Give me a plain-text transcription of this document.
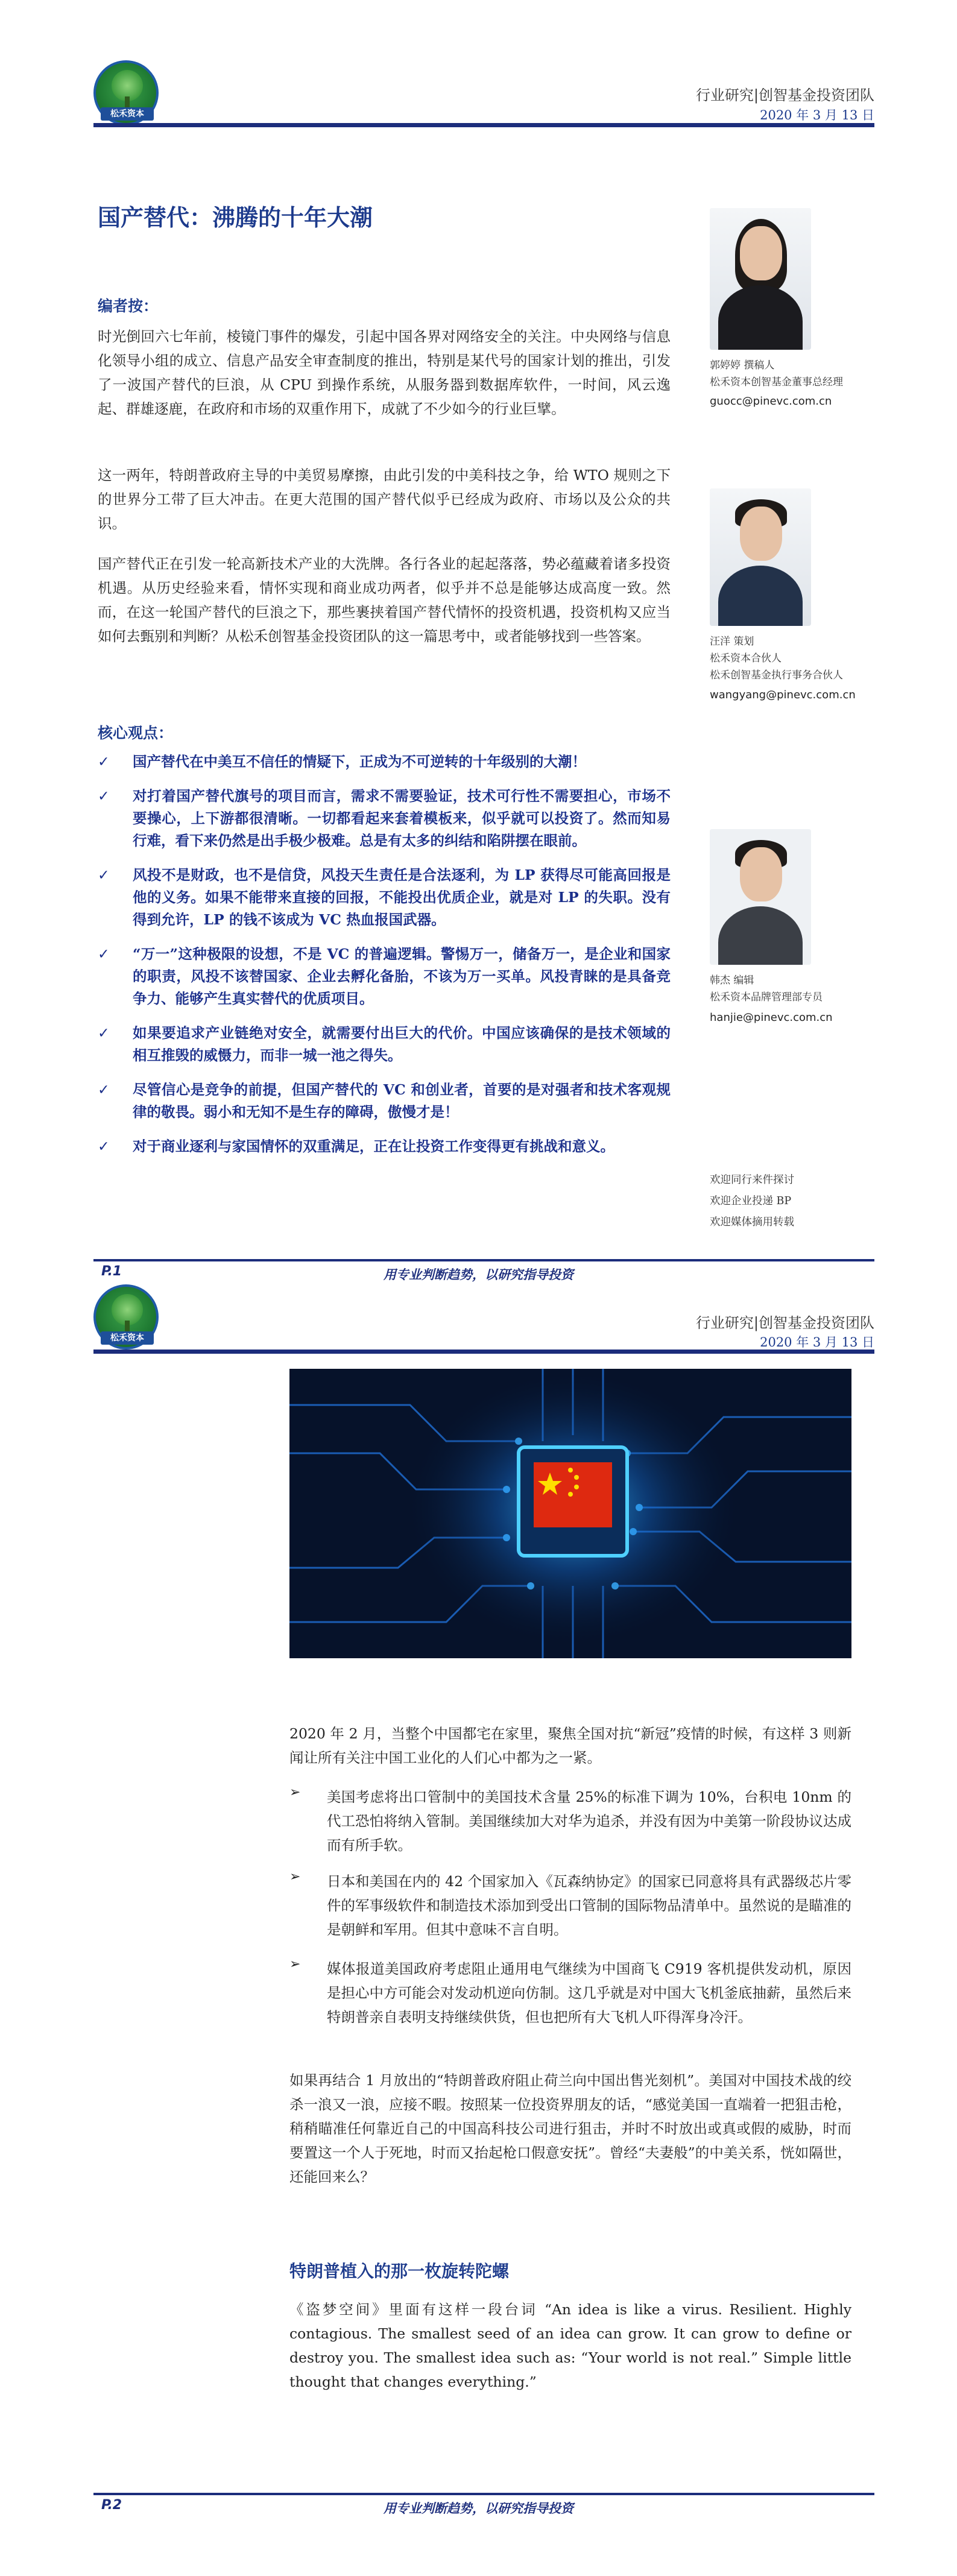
松禾资本
行业研究|创智基金投资团队
2020 年 3 月 13 日
国产替代：沸腾的十年大潮
编者按：

时光倒回六七年前，棱镜门事件的爆发，引起中国各界对网络安全的关注。中央网络与信息化领导小组的成立、信息产品安全审查制度的推出，特别是某代号的国家计划的推出，引发了一波国产替代的巨浪，从 CPU 到操作系统，从服务器到数据库软件，一时间，风云逸起、群雄逐鹿，在政府和市场的双重作用下，成就了不少如今的行业巨擘。

这一两年，特朗普政府主导的中美贸易摩擦，由此引发的中美科技之争，给 WTO 规则之下的世界分工带了巨大冲击。在更大范围的国产替代似乎已经成为政府、市场以及公众的共识。

国产替代正在引发一轮高新技术产业的大洗牌。各行各业的起起落落，势必蕴藏着诸多投资机遇。从历史经验来看，情怀实现和商业成功两者，似乎并不总是能够达成高度一致。然而，在这一轮国产替代的巨浪之下，那些裹挟着国产替代情怀的投资机遇，投资机构又应当如何去甄别和判断？从松禾创智基金投资团队的这一篇思考中，或者能够找到一些答案。

核心观点：
✓ 国产替代在中美互不信任的情疑下，正成为不可逆转的十年级别的大潮！
✓ 对打着国产替代旗号的项目而言，需求不需要验证，技术可行性不需要担心，市场不要操心，上下游都很清晰。一切都看起来套着模板来，似乎就可以投资了。然而知易行难，看下来仍然是出手极少极难。总是有太多的纠结和陷阱摆在眼前。
✓ 风投不是财政，也不是信贷，风投天生责任是合法逐利，为 LP 获得尽可能高回报是他的义务。如果不能带来直接的回报，不能投出优质企业，就是对 LP 的失职。没有得到允许，LP 的钱不该成为 VC 热血报国武器。
✓ “万一”这种极限的设想，不是 VC 的普遍逻辑。警惕万一，储备万一，是企业和国家的职责，风投不该替国家、企业去孵化备胎，不该为万一买单。风投青睐的是具备竞争力、能够产生真实替代的优质项目。
✓ 如果要追求产业链绝对安全，就需要付出巨大的代价。中国应该确保的是技术领域的相互推毁的威慑力，而非一城一池之得失。
✓ 尽管信心是竞争的前提，但国产替代的 VC 和创业者，首要的是对强者和技术客观规律的敬畏。弱小和无知不是生存的障碍，傲慢才是！
✓ 对于商业逐利与家国情怀的双重满足，正在让投资工作变得更有挑战和意义。
郭婷婷 撰稿人
松禾资本创智基金董事总经理
guocc@pinevc.com.cn
汪洋 策划
松禾资本合伙人
松禾创智基金执行事务合伙人
wangyang@pinevc.com.cn
韩杰 编辑
松禾资本品牌管理部专员
hanjie@pinevc.com.cn
欢迎同行来件探讨
欢迎企业投递 BP
欢迎媒体摘用转载
P.1	用专业判断趋势，以研究指导投资
松禾资本
行业研究|创智基金投资团队
2020 年 3 月 13 日

2020 年 2 月，当整个中国都宅在家里，聚焦全国对抗“新冠”疫情的时候，有这样 3 则新闻让所有关注中国工业化的人们心中都为之一紧。

➢ 美国考虑将出口管制中的美国技术含量 25%的标准下调为 10%，台积电 10nm 的代工恐怕将纳入管制。美国继续加大对华为追杀，并没有因为中美第一阶段协议达成而有所手软。

➢ 日本和美国在内的 42 个国家加入《瓦森纳协定》的国家已同意将具有武器级芯片零件的军事级软件和制造技术添加到受出口管制的国际物品清单中。虽然说的是瞄准的是朝鲜和军用。但其中意味不言自明。

➢ 媒体报道美国政府考虑阻止通用电气继续为中国商飞 C919 客机提供发动机，原因是担心中方可能会对发动机逆向仿制。这几乎就是对中国大飞机釜底抽薪，虽然后来特朗普亲自表明支持继续供货，但也把所有大飞机人吓得浑身冷汗。

如果再结合 1 月放出的“特朗普政府阻止荷兰向中国出售光刻机”。美国对中国技术战的绞杀一浪又一浪，应接不暇。按照某一位投资界朋友的话，“感觉美国一直端着一把狙击枪，稍稍瞄准任何靠近自己的中国高科技公司进行狙击，并时不时放出或真或假的威胁，时而要置这一个人于死地，时而又抬起枪口假意安抚”。曾经“夫妻般”的中美关系，恍如隔世，还能回来么？

特朗普植入的那一枚旋转陀螺

《盗梦空间》里面有这样一段台词 “An idea is like a virus. Resilient. Highly contagious. The smallest seed of an idea can grow. It can grow to define or destroy you. The smallest idea such as: “Your world is not real.” Simple little thought that changes everything.”

P.2	用专业判断趋势，以研究指导投资
